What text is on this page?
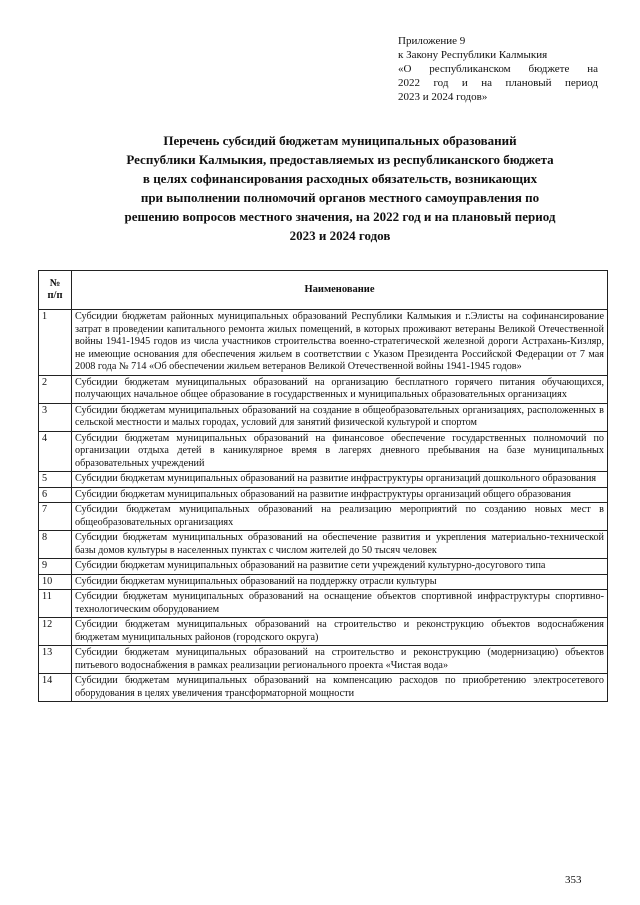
Приложение 9
к Закону Республики Калмыкия
«О республиканском бюджете на
2022 год и на плановый период
2023 и 2024 годов»
Перечень субсидий бюджетам муниципальных образований
Республики Калмыкия, предоставляемых из республиканского бюджета
в целях софинансирования расходных обязательств, возникающих
при выполнении полномочий органов местного самоуправления по
решению вопросов местного значения, на 2022 год и на плановый период
2023 и 2024 годов
№
п/п	Наименование
1	Субсидии бюджетам районных муниципальных образований Республики Калмыкия и г.Элисты на софинансирование затрат в проведении капитального ремонта жилых помещений, в которых проживают ветераны Великой Отечественной войны 1941-1945 годов из числа участников строительства военно-стратегической железной дороги Астрахань-Кизляр, не имеющие основания для обеспечения жильем в соответствии с Указом Президента Российской Федерации от 7 мая 2008 года № 714 «Об обеспечении жильем ветеранов Великой Отечественной войны 1941-1945 годов»
2	Субсидии бюджетам муниципальных образований на организацию бесплатного горячего питания обучающихся, получающих начальное общее образование в государственных и муниципальных образовательных организациях
3	Субсидии бюджетам муниципальных образований на создание в общеобразовательных организациях, расположенных в сельской местности и малых городах, условий для занятий физической культурой и спортом
4	Субсидии бюджетам муниципальных образований на финансовое обеспечение государственных полномочий по организации отдыха детей в каникулярное время в лагерях дневного пребывания на базе муниципальных образовательных учреждений
5	Субсидии бюджетам муниципальных образований на развитие инфраструктуры организаций дошкольного образования
6	Субсидии бюджетам муниципальных образований на развитие инфраструктуры организаций общего образования
7	Субсидии бюджетам муниципальных образований на реализацию мероприятий по созданию новых мест в общеобразовательных организациях
8	Субсидии бюджетам муниципальных образований на обеспечение развития и укрепления материально-технической базы домов культуры в населенных пунктах с числом жителей до 50 тысяч человек
9	Субсидии бюджетам муниципальных образований на развитие сети учреждений культурно-досугового типа
10	Субсидии бюджетам муниципальных образований на поддержку отрасли культуры
11	Субсидии бюджетам муниципальных образований на оснащение объектов спортивной инфраструктуры спортивно-технологическим оборудованием
12	Субсидии бюджетам муниципальных образований на строительство и реконструкцию объектов водоснабжения бюджетам муниципальных районов (городского округа)
13	Субсидии бюджетам муниципальных образований на строительство и реконструкцию (модернизацию) объектов питьевого водоснабжения в рамках реализации регионального проекта «Чистая вода»
14	Субсидии бюджетам муниципальных образований на компенсацию расходов по приобретению электросетевого оборудования в целях увеличения трансформаторной мощности
353
